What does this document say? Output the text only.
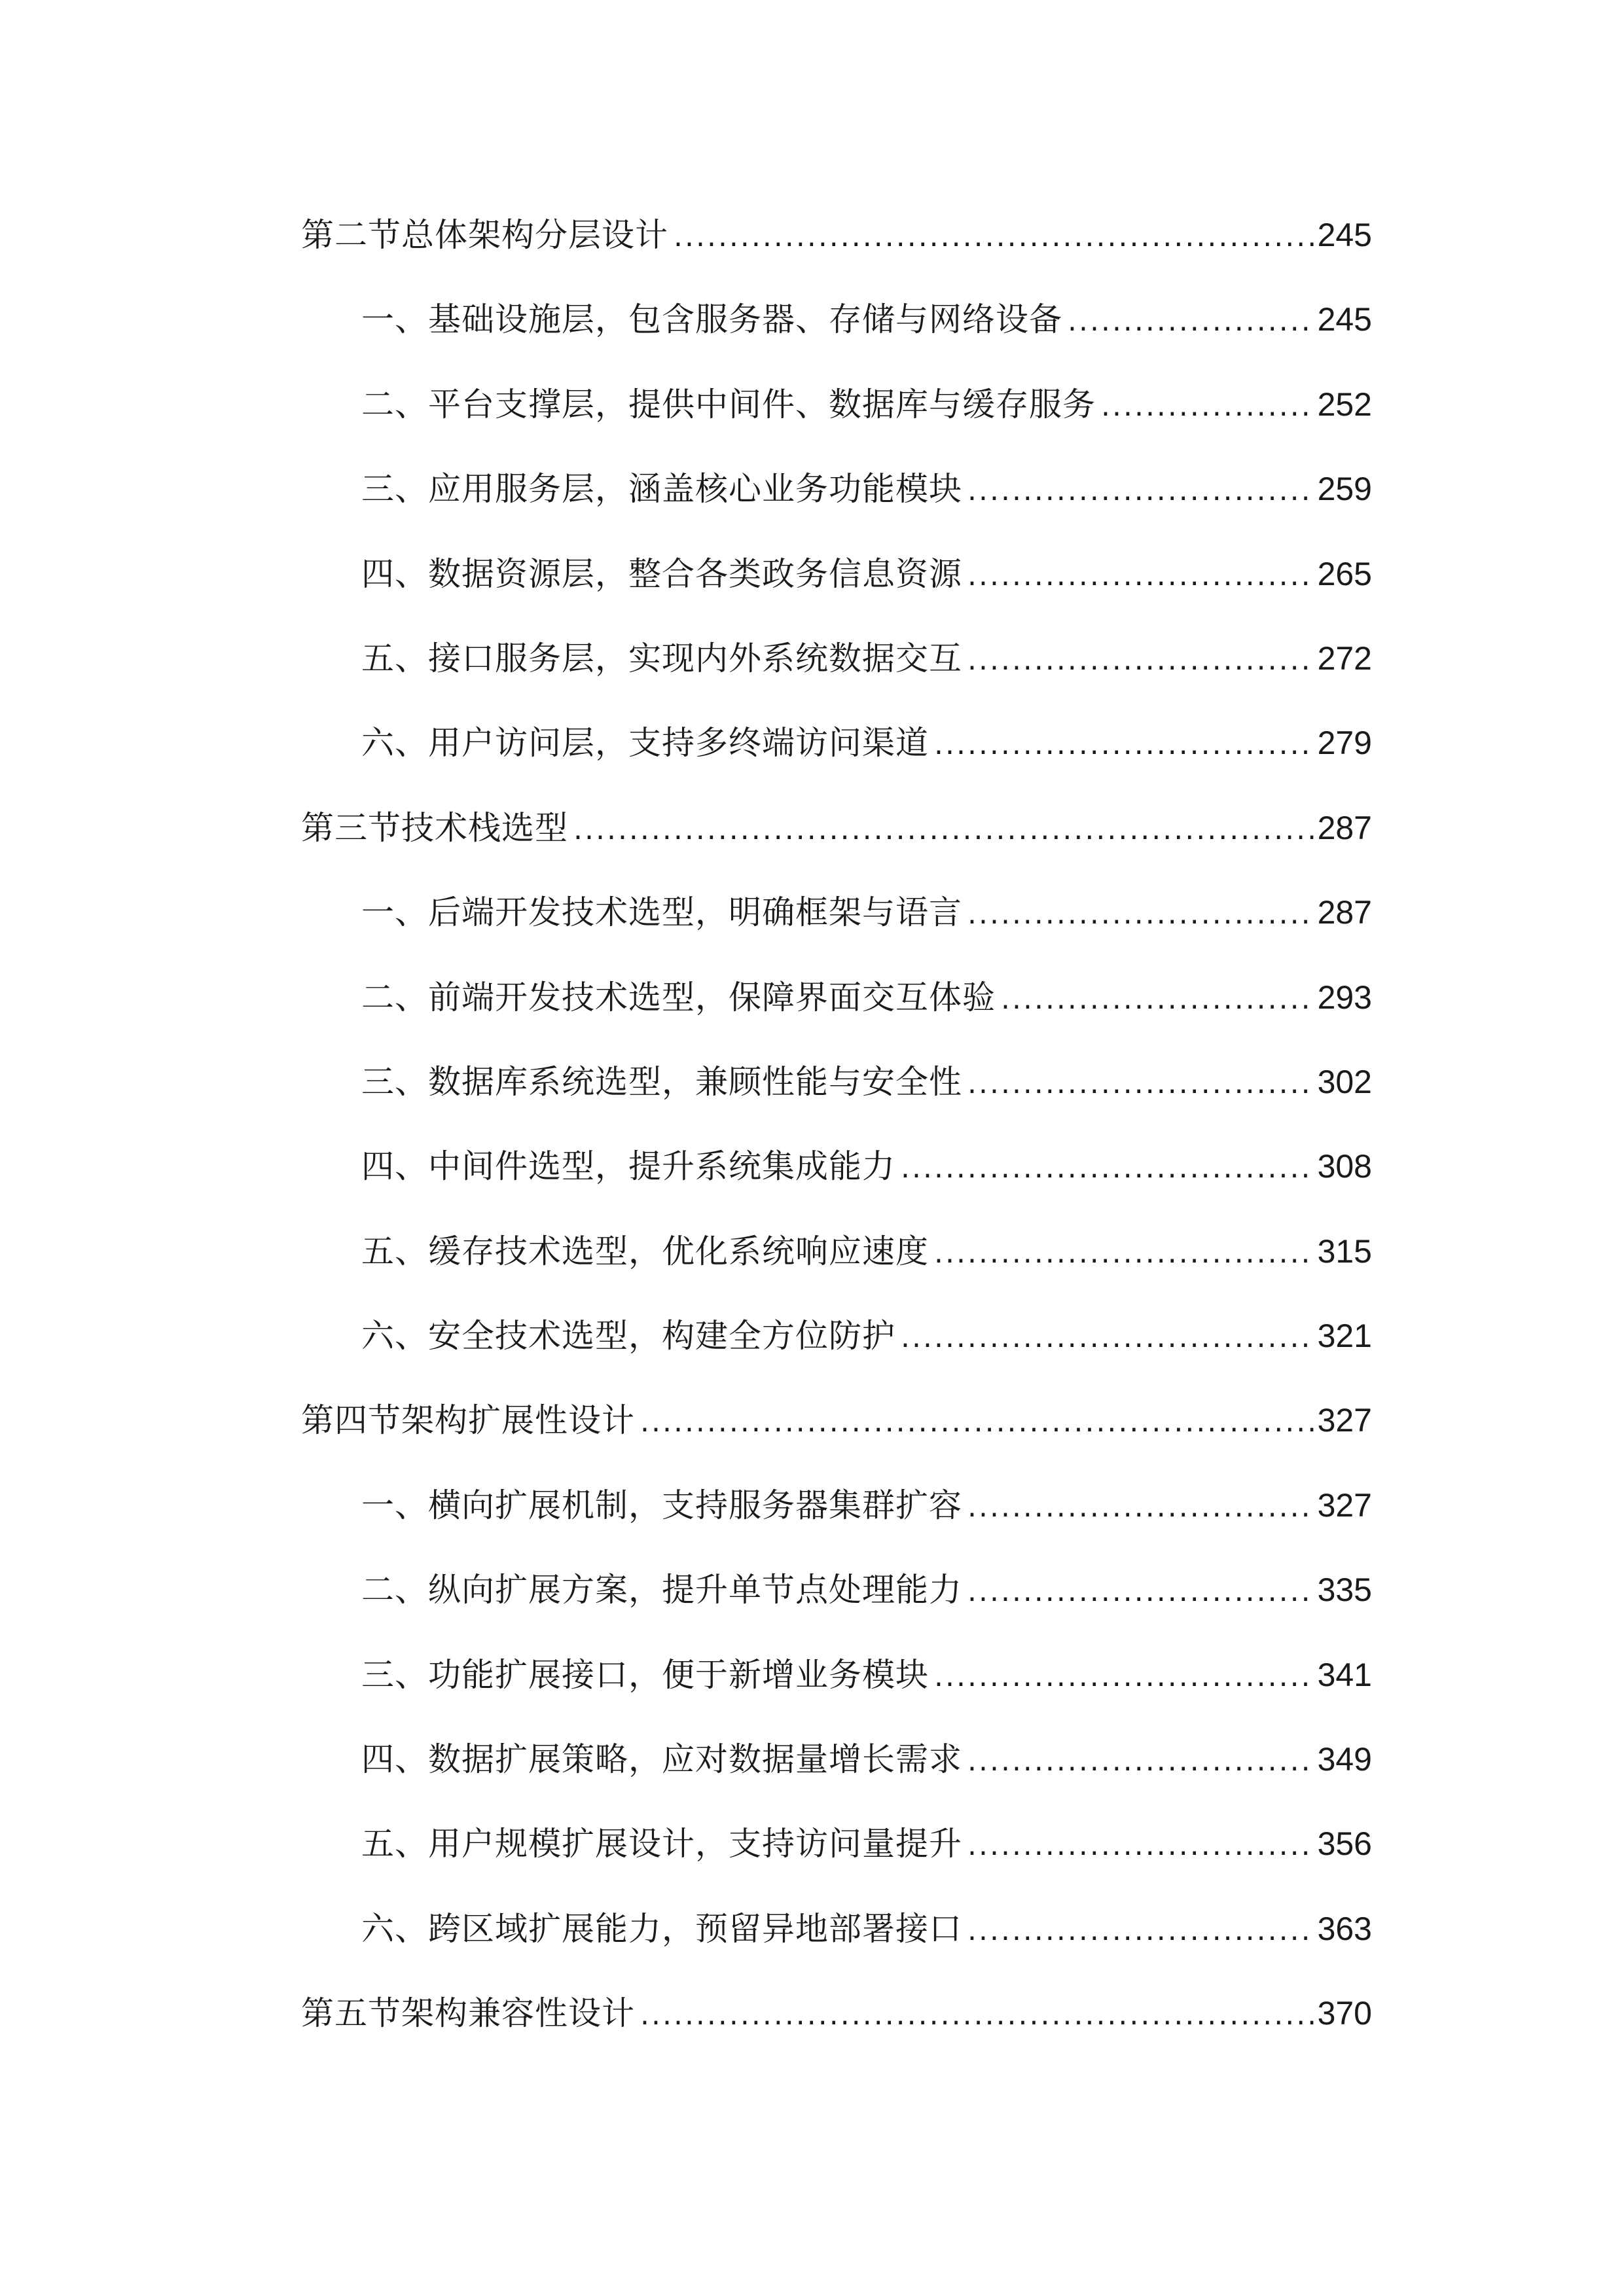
第二节总体架构分层设计 .....	245
一、基础设施层，包含服务器、存储与网络设备 .....	245
二、平台支撑层，提供中间件、数据库与缓存服务 .....	252
三、应用服务层，涵盖核心业务功能模块 .....	259
四、数据资源层，整合各类政务信息资源 .....	265
五、接口服务层，实现内外系统数据交互 .....	272
六、用户访问层，支持多终端访问渠道 .....	279
第三节技术栈选型 .....	287
一、后端开发技术选型，明确框架与语言 .....	287
二、前端开发技术选型，保障界面交互体验 .....	293
三、数据库系统选型，兼顾性能与安全性 .....	302
四、中间件选型，提升系统集成能力 .....	308
五、缓存技术选型，优化系统响应速度 .....	315
六、安全技术选型，构建全方位防护 .....	321
第四节架构扩展性设计 .....	327
一、横向扩展机制，支持服务器集群扩容 .....	327
二、纵向扩展方案，提升单节点处理能力 .....	335
三、功能扩展接口，便于新增业务模块 .....	341
四、数据扩展策略，应对数据量增长需求 .....	349
五、用户规模扩展设计，支持访问量提升 .....	356
六、跨区域扩展能力，预留异地部署接口 .....	363
第五节架构兼容性设计 .....	370
